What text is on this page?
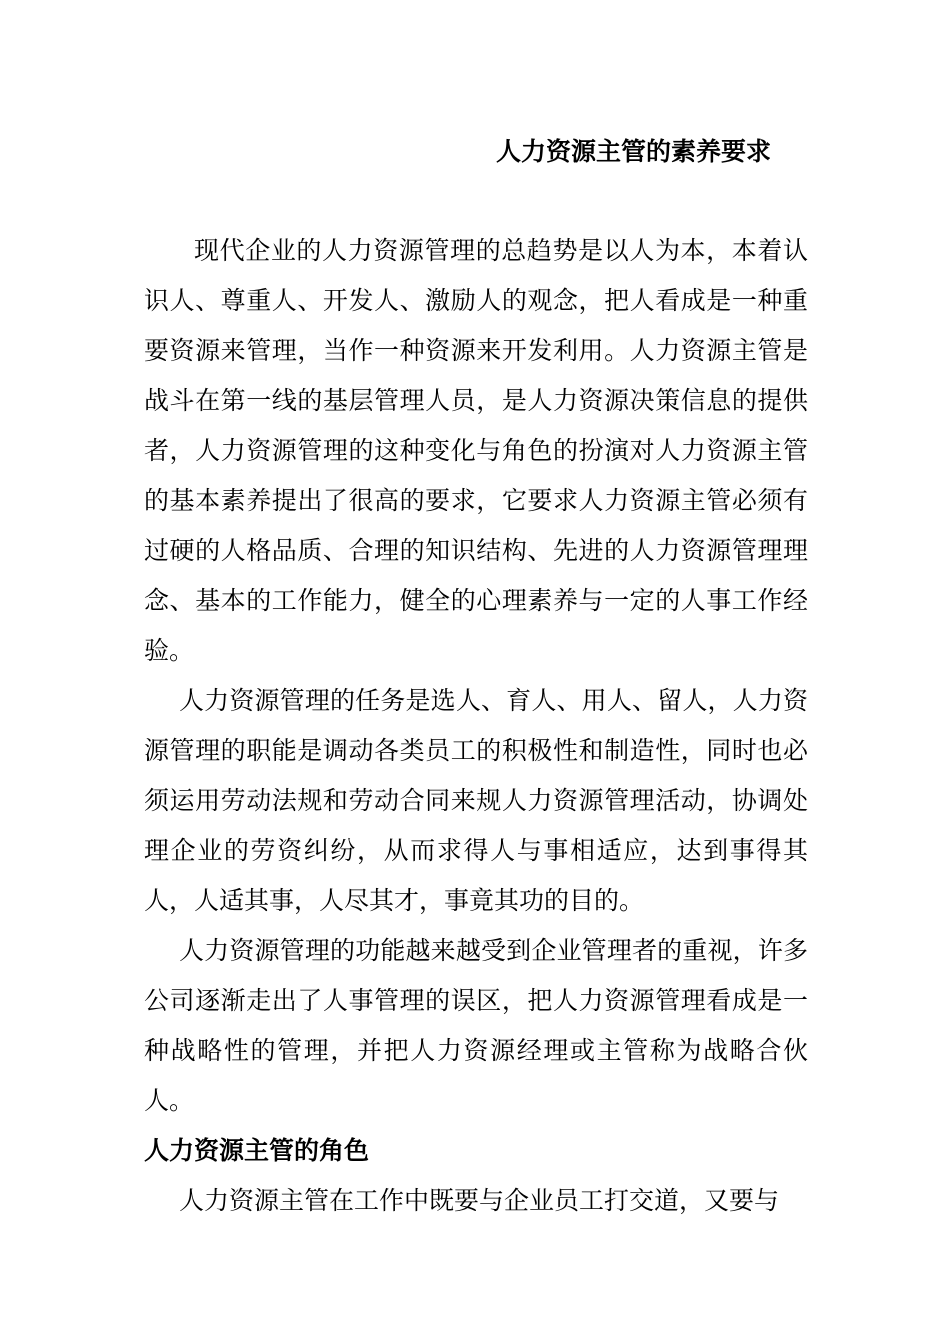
人力资源主管的素养要求

现代企业的人力资源管理的总趋势是以人为本，本着认识人、尊重人、开发人、激励人的观念，把人看成是一种重要资源来管理，当作一种资源来开发利用。人力资源主管是战斗在第一线的基层管理人员，是人力资源决策信息的提供者，人力资源管理的这种变化与角色的扮演对人力资源主管的基本素养提出了很高的要求，它要求人力资源主管必须有过硬的人格品质、合理的知识结构、先进的人力资源管理理念、基本的工作能力，健全的心理素养与一定的人事工作经验。

人力资源管理的任务是选人、育人、用人、留人，人力资源管理的职能是调动各类员工的积极性和制造性，同时也必须运用劳动法规和劳动合同来规人力资源管理活动，协调处理企业的劳资纠纷，从而求得人与事相适应，达到事得其人，人适其事，人尽其才，事竟其功的目的。

人力资源管理的功能越来越受到企业管理者的重视，许多公司逐渐走出了人事管理的误区，把人力资源管理看成是一种战略性的管理，并把人力资源经理或主管称为战略合伙人。

人力资源主管的角色

人力资源主管在工作中既要与企业员工打交道，又要与
